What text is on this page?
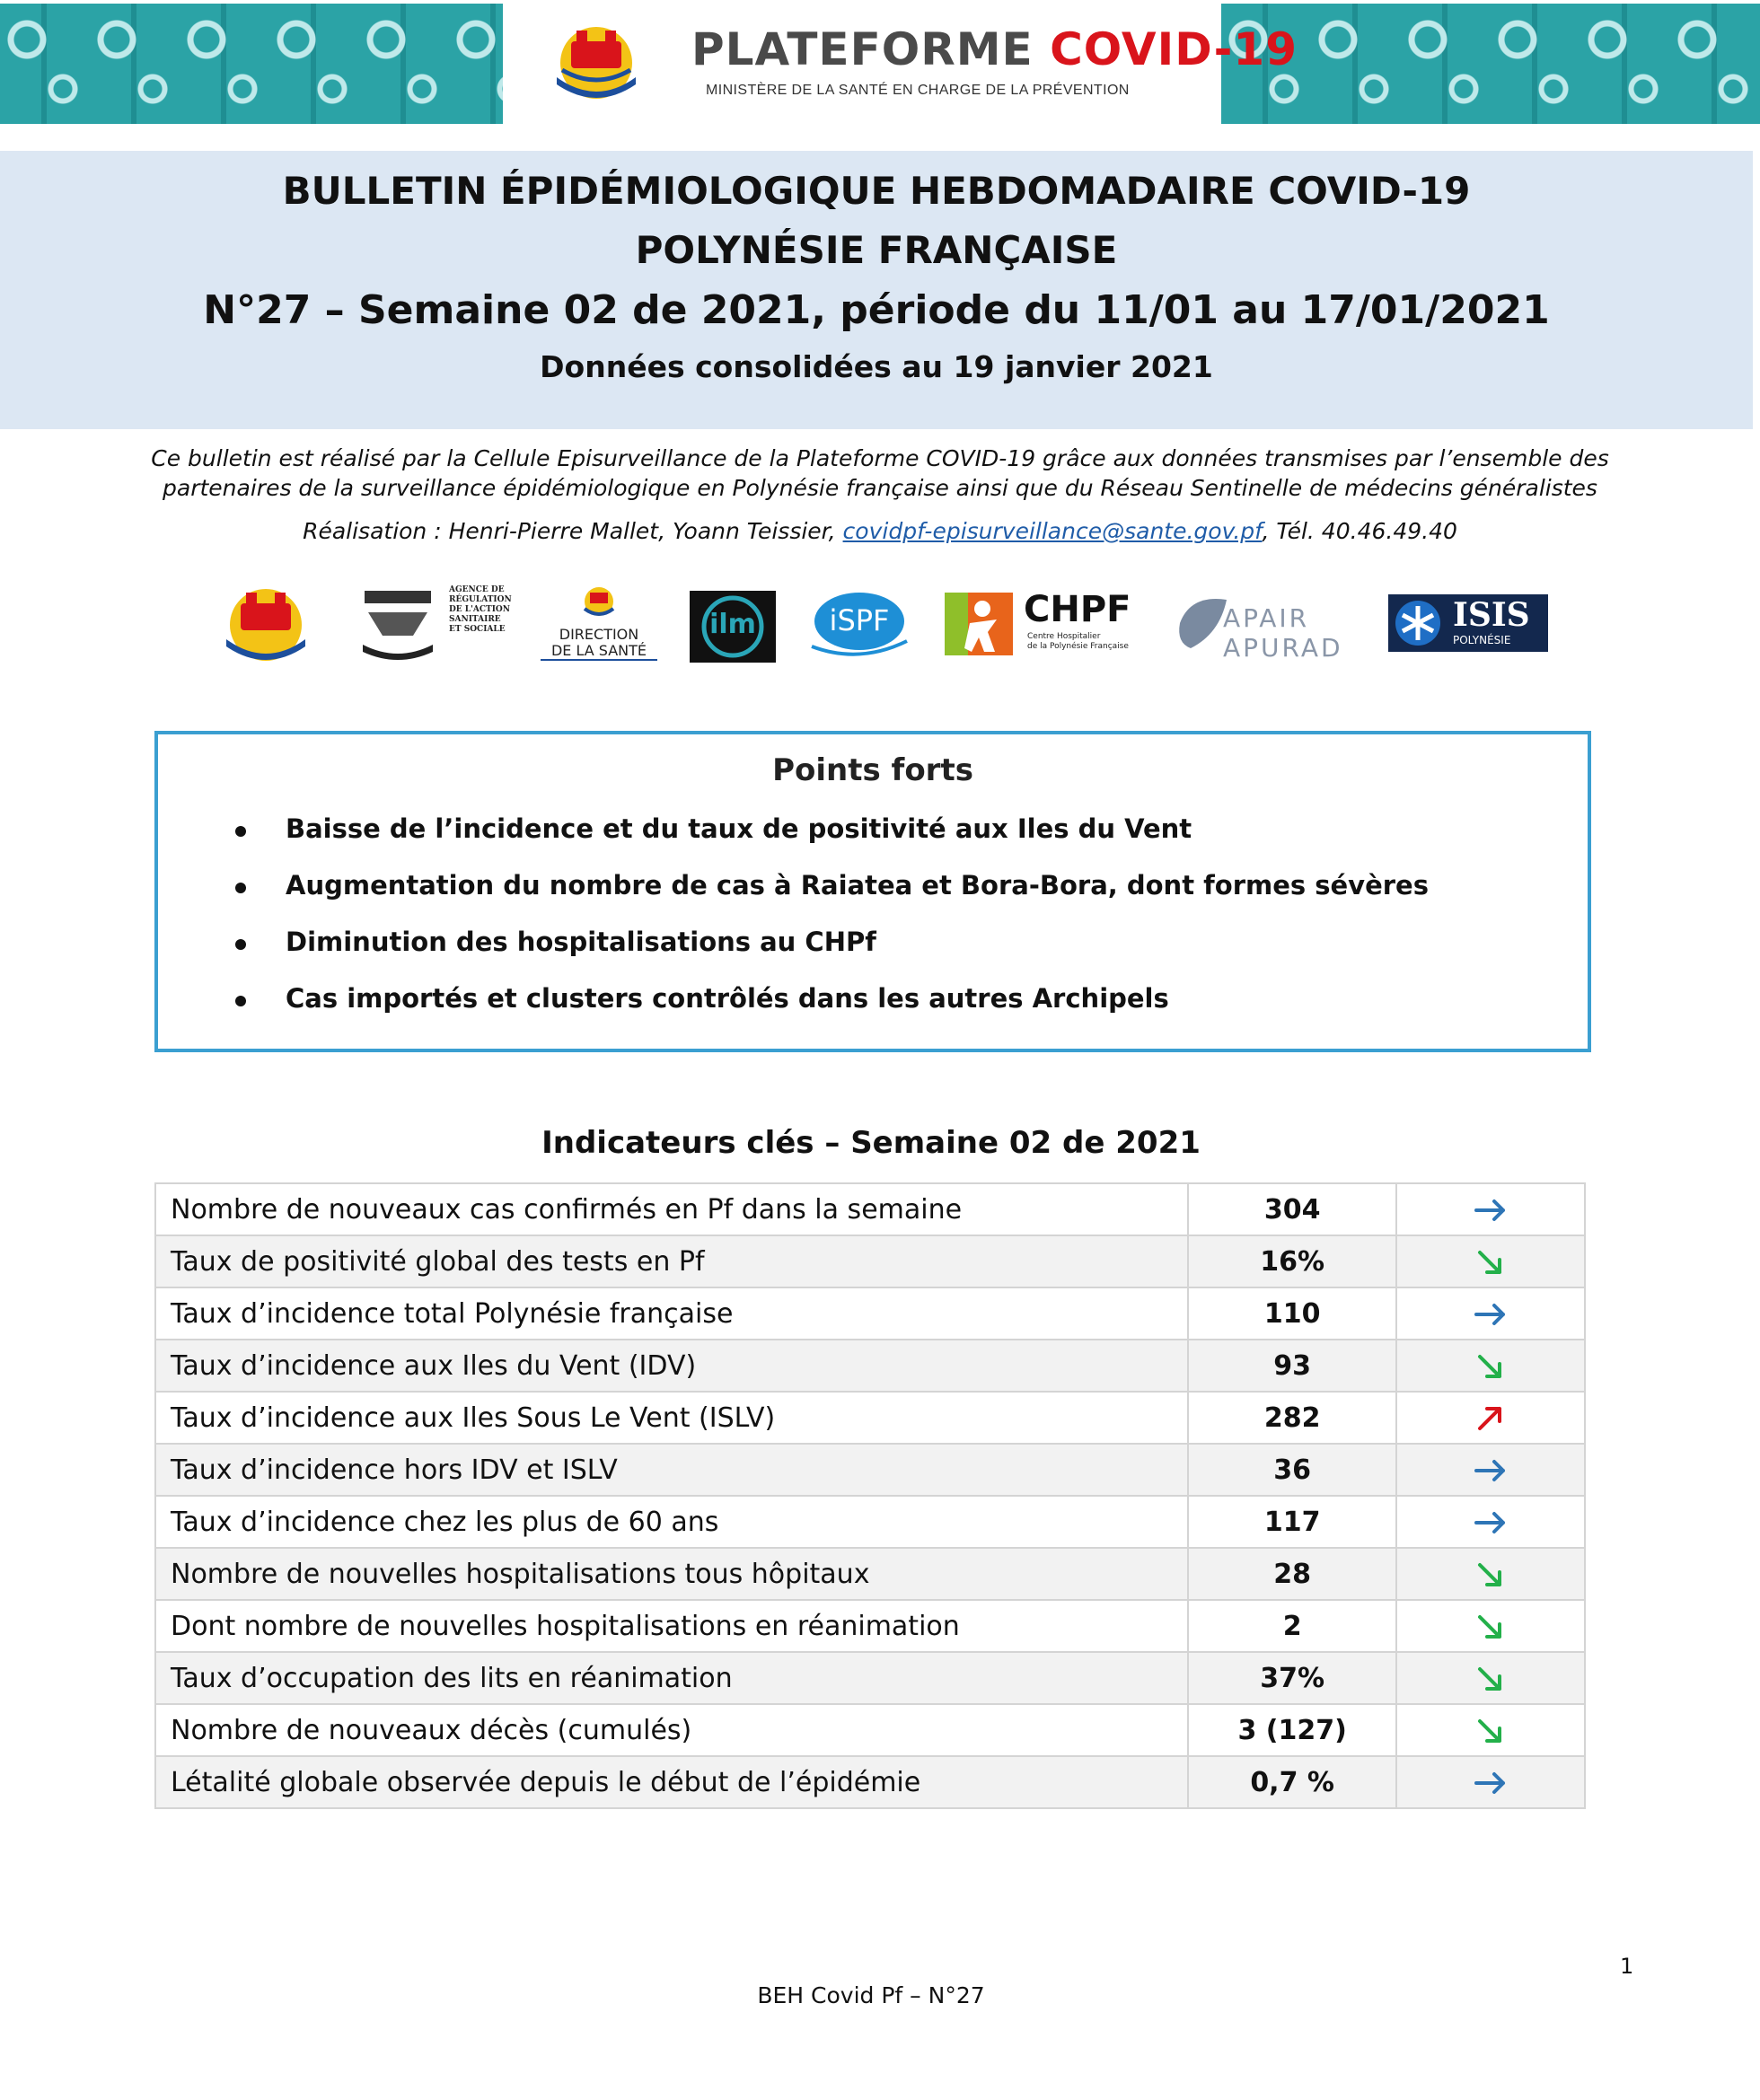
PLATEFORME COVID-19
MINISTÈRE DE LA SANTÉ EN CHARGE DE LA PRÉVENTION
BULLETIN ÉPIDÉMIOLOGIQUE HEBDOMADAIRE COVID-19
POLYNÉSIE FRANÇAISE
N°27 – Semaine 02 de 2021, période du 11/01 au 17/01/2021
Données consolidées au 19 janvier 2021
Ce bulletin est réalisé par la Cellule Episurveillance de la Plateforme COVID-19 grâce aux données transmises par l’ensemble des
partenaires de la surveillance épidémiologique en Polynésie française ainsi que du Réseau Sentinelle de médecins généralistes
Réalisation : Henri-Pierre Mallet, Yoann Teissier, covidpf-episurveillance@sante.gov.pf, Tél. 40.46.49.40
AGENCE DE
RÉGULATION
DE L'ACTION
SANITAIRE
ET SOCIALE	DIRECTION
DE LA SANTÉ
ilm	iSPF	CHPF
Centre Hospitalier
de la Polynésie Française
APAIR APURAD
ISIS
POLYNÉSIE
Points forts
Baisse de l’incidence et du taux de positivité aux Iles du Vent
Augmentation du nombre de cas à Raiatea et Bora-Bora, dont formes sévères
Diminution des hospitalisations au CHPf
Cas importés et clusters contrôlés dans les autres Archipels
Indicateurs clés – Semaine 02 de 2021
Nombre de nouveaux cas confirmés en Pf dans la semaine	304	
Taux de positivité global des tests en Pf	16%	
Taux d’incidence total Polynésie française	110	
Taux d’incidence aux Iles du Vent (IDV)	93	
Taux d’incidence aux Iles Sous Le Vent (ISLV)	282	
Taux d’incidence hors IDV et ISLV	36	
Taux d’incidence chez les plus de 60 ans	117	
Nombre de nouvelles hospitalisations tous hôpitaux	28	
Dont nombre de nouvelles hospitalisations en réanimation	2	
Taux d’occupation des lits en réanimation	37%	
Nombre de nouveaux décès (cumulés)	3 (127)	
Létalité globale observée depuis le début de l’épidémie	0,7 %	
1
BEH Covid Pf – N°27
